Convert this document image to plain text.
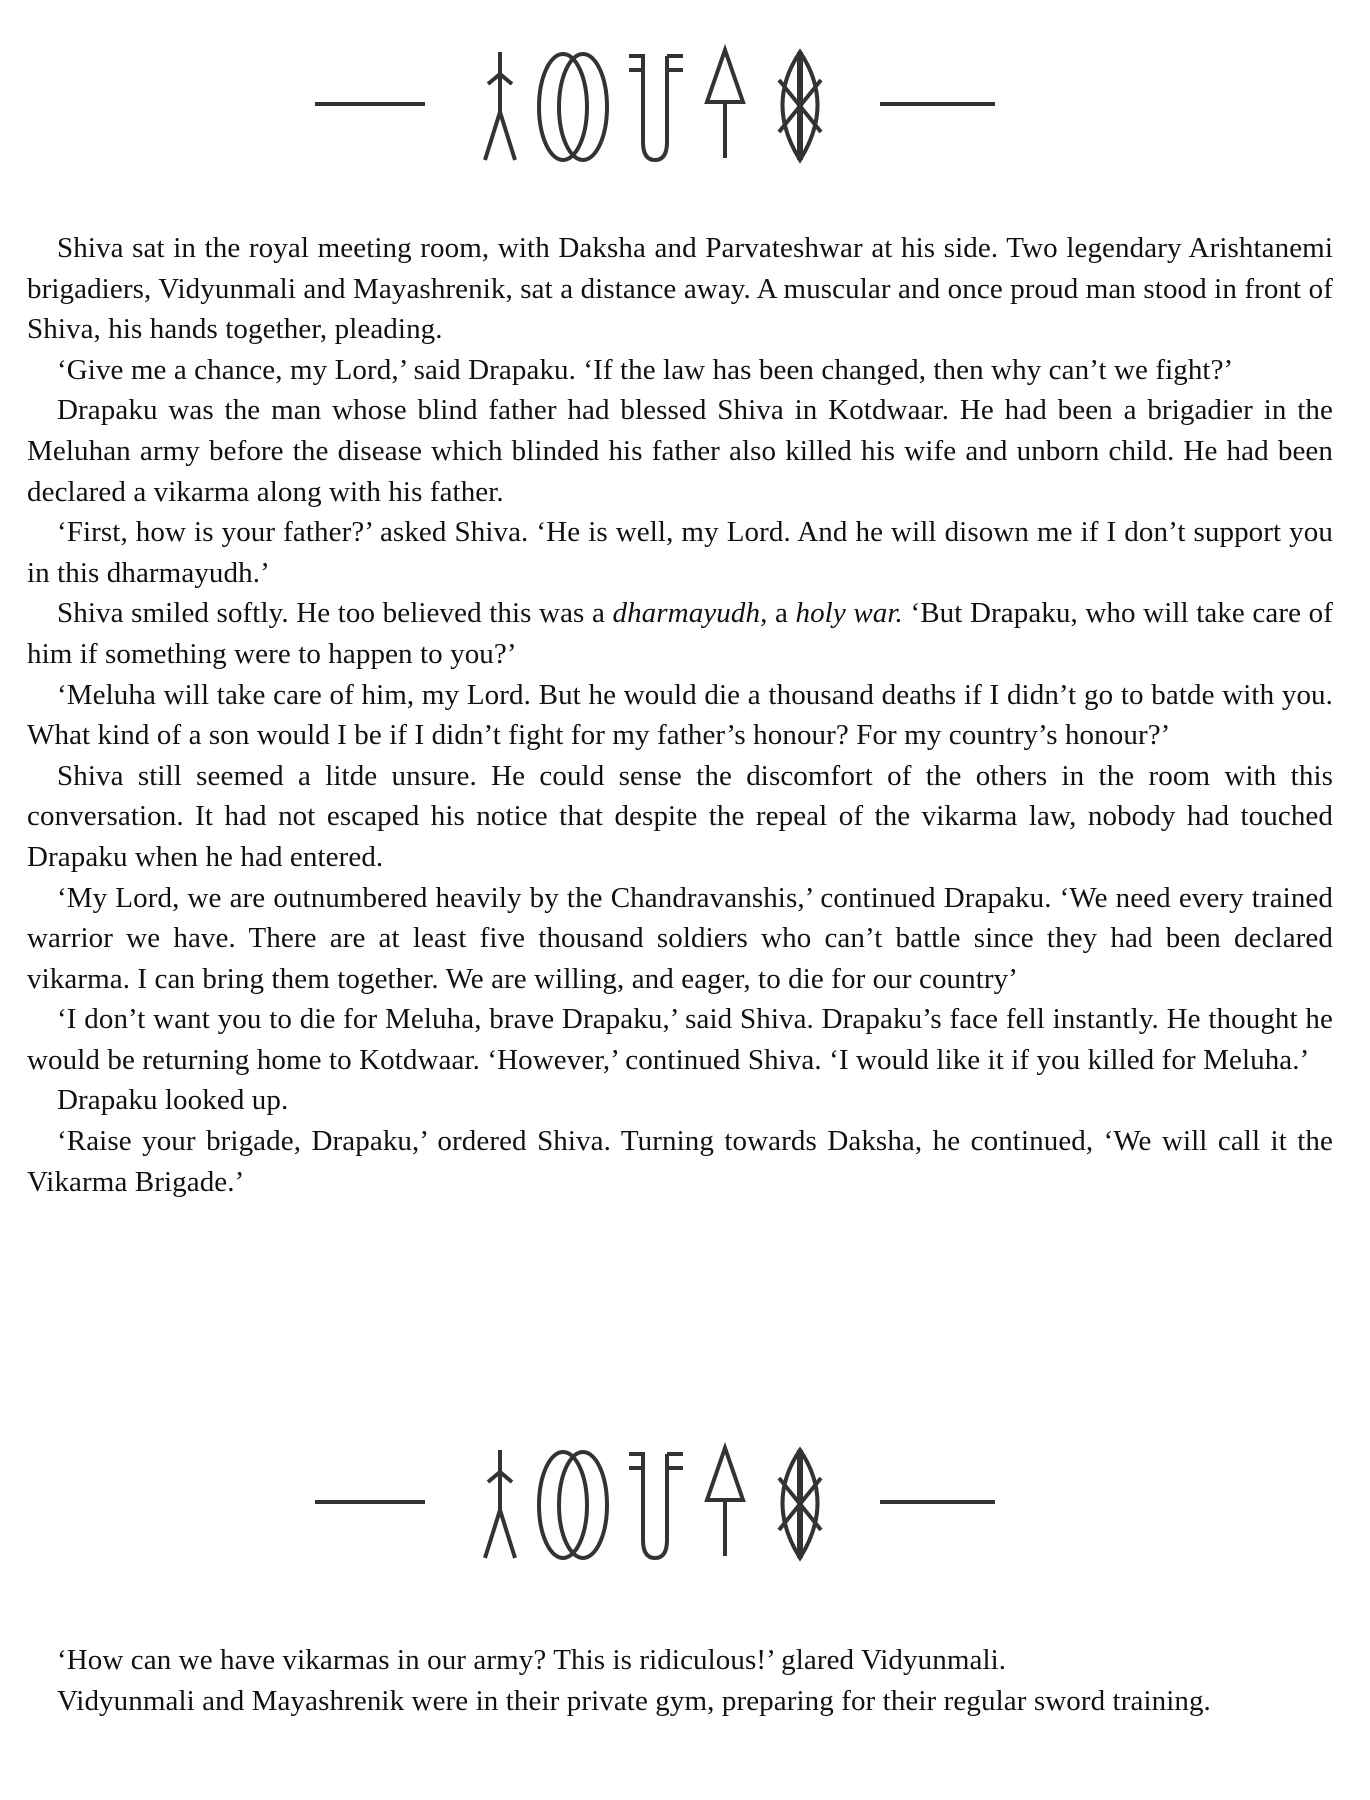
Shiva sat in the royal meeting room, with Daksha and Parvateshwar at his side. Two legendary Arishtanemi brigadiers, Vidyunmali and Mayashrenik, sat a distance away. A muscular and once proud man stood in front of Shiva, his hands together, pleading.

‘Give me a chance, my Lord,’ said Drapaku. ‘If the law has been changed, then why can’t we fight?’

Drapaku was the man whose blind father had blessed Shiva in Kotdwaar. He had been a brigadier in the Meluhan army before the disease which blinded his father also killed his wife and unborn child. He had been declared a vikarma along with his father.

‘First, how is your father?’ asked Shiva. ‘He is well, my Lord. And he will disown me if I don’t support you in this dharmayudh.’

Shiva smiled softly. He too believed this was a dharmayudh, a holy war. ‘But Drapaku, who will take care of him if something were to happen to you?’

‘Meluha will take care of him, my Lord. But he would die a thousand deaths if I didn’t go to batde with you. What kind of a son would I be if I didn’t fight for my father’s honour? For my country’s honour?’

Shiva still seemed a litde unsure. He could sense the discomfort of the others in the room with this conversation. It had not escaped his notice that despite the repeal of the vikarma law, nobody had touched Drapaku when he had entered.

‘My Lord, we are outnumbered heavily by the Chandravanshis,’ continued Drapaku. ‘We need every trained warrior we have. There are at least five thousand soldiers who can’t battle since they had been declared vikarma. I can bring them together. We are willing, and eager, to die for our country’

‘I don’t want you to die for Meluha, brave Drapaku,’ said Shiva. Drapaku’s face fell instantly. He thought he would be returning home to Kotdwaar. ‘However,’ continued Shiva. ‘I would like it if you killed for Meluha.’

Drapaku looked up.

‘Raise your brigade, Drapaku,’ ordered Shiva. Turning towards Daksha, he continued, ‘We will call it the Vikarma Brigade.’

‘How can we have vikarmas in our army? This is ridiculous!’ glared Vidyunmali.

Vidyunmali and Mayashrenik were in their private gym, preparing for their regular sword training.
